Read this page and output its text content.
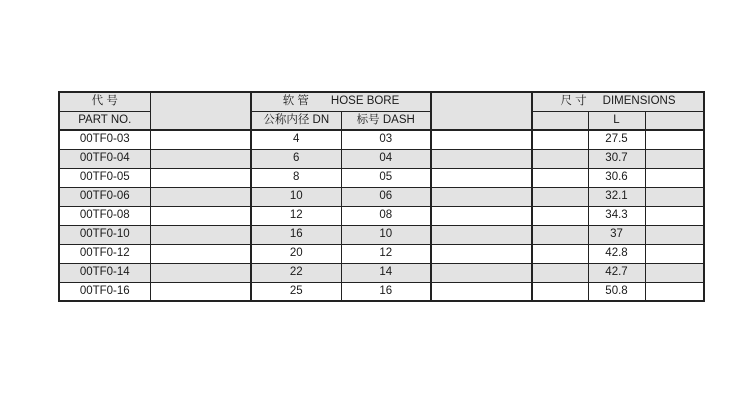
代 号		软 管 HOSE BORE			尺 寸 DIMENSIONS		
PART NO.		公称内径 DN	标号 DASH			L	
00TF0-03		4	03			27.5	
00TF0-04		6	04			30.7	
00TF0-05		8	05			30.6	
00TF0-06		10	06			32.1	
00TF0-08		12	08			34.3	
00TF0-10		16	10			37	
00TF0-12		20	12			42.8	
00TF0-14		22	14			42.7	
00TF0-16		25	16			50.8	
